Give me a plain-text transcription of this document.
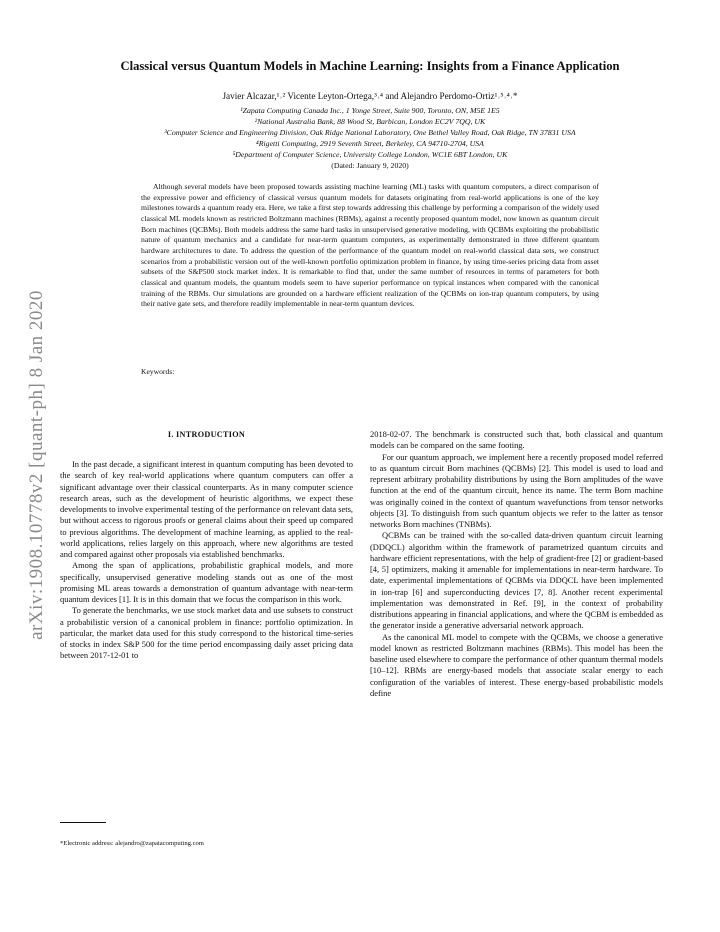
arXiv:1908.10778v2 [quant-ph] 8 Jan 2020
Classical versus Quantum Models in Machine Learning: Insights from a Finance Application

Javier Alcazar,¹˒² Vicente Leyton-Ortega,³˒⁴ and Alejandro Perdomo-Ortiz¹˒⁵˒⁴˒*

¹Zapata Computing Canada Inc., 1 Yonge Street, Suite 900, Toronto, ON, M5E 1E5
²National Australia Bank, 88 Wood St, Barbican, London EC2V 7QQ, UK
³Computer Science and Engineering Division, Oak Ridge National Laboratory, One Bethel Valley Road, Oak Ridge, TN 37831 USA
⁴Rigetti Computing, 2919 Seventh Street, Berkeley, CA 94710-2704, USA
⁵Department of Computer Science, University College London, WC1E 6BT London, UK
(Dated: January 9, 2020)

Although several models have been proposed towards assisting machine learning (ML) tasks with quantum computers, a direct comparison of the expressive power and efficiency of classical versus quantum models for datasets originating from real-world applications is one of the key milestones towards a quantum ready era. Here, we take a first step towards addressing this challenge by performing a comparison of the widely used classical ML models known as restricted Boltzmann machines (RBMs), against a recently proposed quantum model, now known as quantum circuit Born machines (QCBMs). Both models address the same hard tasks in unsupervised generative modeling, with QCBMs exploiting the probabilistic nature of quantum mechanics and a candidate for near-term quantum computers, as experimentally demonstrated in three different quantum hardware architectures to date. To address the question of the performance of the quantum model on real-world classical data sets, we construct scenarios from a probabilistic version out of the well-known portfolio optimization problem in finance, by using time-series pricing data from asset subsets of the S&P500 stock market index. It is remarkable to find that, under the same number of resources in terms of parameters for both classical and quantum models, the quantum models seem to have superior performance on typical instances when compared with the canonical training of the RBMs. Our simulations are grounded on a hardware efficient realization of the QCBMs on ion-trap quantum computers, by using their native gate sets, and therefore readily implementable in near-term quantum devices.

Keywords:

I. INTRODUCTION

In the past decade, a significant interest in quantum computing has been devoted to the search of key real-world applications where quantum computers can offer a significant advantage over their classical counterparts. As in many computer science research areas, such as the development of heuristic algorithms, we expect these developments to involve experimental testing of the performance on relevant data sets, but without access to rigorous proofs or general claims about their speed up compared to previous algorithms. The development of machine learning, as applied to the real-world applications, relies largely on this approach, where new algorithms are tested and compared against other proposals via established benchmarks.

Among the span of applications, probabilistic graphical models, and more specifically, unsupervised generative modeling stands out as one of the most promising ML areas towards a demonstration of quantum advantage with near-term quantum devices [1]. It is in this domain that we focus the comparison in this work.

To generate the benchmarks, we use stock market data and use subsets to construct a probabilistic version of a canonical problem in finance: portfolio optimization. In particular, the market data used for this study correspond to the historical time-series of stocks in index S&P 500 for the time period encompassing daily asset pricing data between 2017-12-01 to

2018-02-07. The benchmark is constructed such that, both classical and quantum models can be compared on the same footing.

For our quantum approach, we implement here a recently proposed model referred to as quantum circuit Born machines (QCBMs) [2]. This model is used to load and represent arbitrary probability distributions by using the Born amplitudes of the wave function at the end of the quantum circuit, hence its name. The term Born machine was originally coined in the context of quantum wavefunctions from tensor networks objects [3]. To distinguish from such quantum objects we refer to the latter as tensor networks Born machines (TNBMs).

QCBMs can be trained with the so-called data-driven quantum circuit learning (DDQCL) algorithm within the framework of parametrized quantum circuits and hardware efficient representations, with the help of gradient-free [2] or gradient-based [4, 5] optimizers, making it amenable for implementations in near-term hardware. To date, experimental implementations of QCBMs via DDQCL have been implemented in ion-trap [6] and superconducting devices [7, 8]. Another recent experimental implementation was demonstrated in Ref. [9], in the context of probability distributions appearing in financial applications, and where the QCBM is embedded as the generator inside a generative adversarial network approach.

As the canonical ML model to compete with the QCBMs, we choose a generative model known as restricted Boltzmann machines (RBMs). This model has been the baseline used elsewhere to compare the performance of other quantum thermal models [10–12]. RBMs are energy-based models that associate scalar energy to each configuration of the variables of interest. These energy-based probabilistic models define

*Electronic address: alejandro@zapatacomputing.com
